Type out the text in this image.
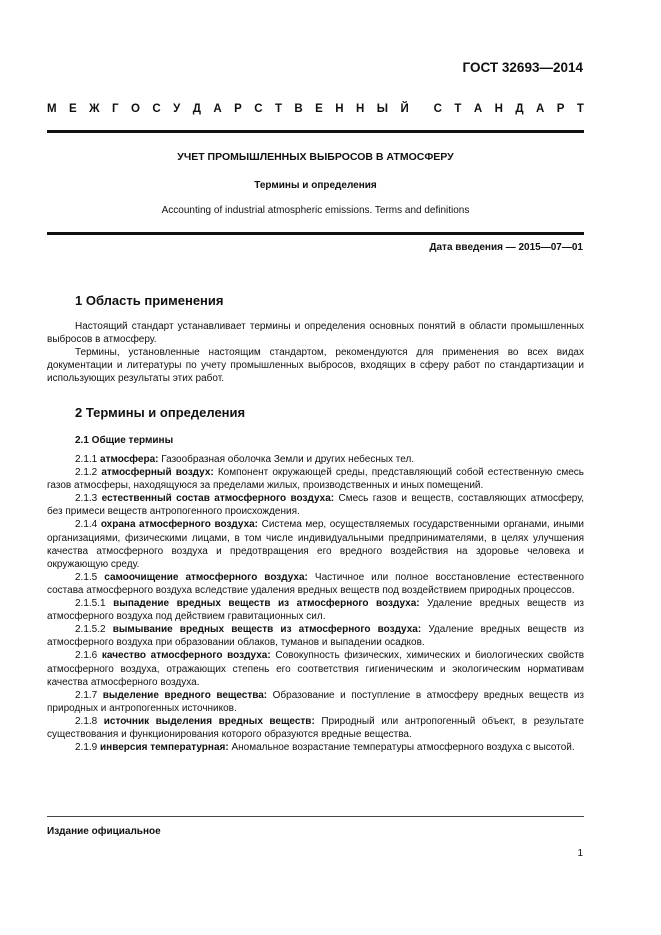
ГОСТ 32693—2014
М Е Ж Г О С У Д А Р С Т В Е Н Н Ы Й С Т А Н Д А Р Т
УЧЕТ ПРОМЫШЛЕННЫХ ВЫБРОСОВ В АТМОСФЕРУ
Термины и определения
Accounting of industrial atmospheric emissions. Terms and definitions
Дата введения — 2015—07—01
1 Область применения

Настоящий стандарт устанавливает термины и определения основных понятий в области промышленных выбросов в атмосферу.

Термины, установленные настоящим стандартом, рекомендуются для применения во всех видах документации и литературы по учету промышленных выбросов, входящих в сферу работ по стандартизации и использующих результаты этих работ.

2 Термины и определения
2.1 Общие термины

2.1.1 атмосфера: Газообразная оболочка Земли и других небесных тел.

2.1.2 атмосферный воздух: Компонент окружающей среды, представляющий собой естественную смесь газов атмосферы, находящуюся за пределами жилых, производственных и иных помещений.

2.1.3 естественный состав атмосферного воздуха: Смесь газов и веществ, составляющих атмосферу, без примеси веществ антропогенного происхождения.

2.1.4 охрана атмосферного воздуха: Система мер, осуществляемых государственными органами, иными организациями, физическими лицами, в том числе индивидуальными предпринимателями, в целях улучшения качества атмосферного воздуха и предотвращения его вредного воздействия на здоровье человека и окружающую среду.

2.1.5 самоочищение атмосферного воздуха: Частичное или полное восстановление естественного состава атмосферного воздуха вследствие удаления вредных веществ под воздействием природных процессов.

2.1.5.1 выпадение вредных веществ из атмосферного воздуха: Удаление вредных веществ из атмосферного воздуха под действием гравитационных сил.

2.1.5.2 вымывание вредных веществ из атмосферного воздуха: Удаление вредных веществ из атмосферного воздуха при образовании облаков, туманов и выпадении осадков.

2.1.6 качество атмосферного воздуха: Совокупность физических, химических и биологических свойств атмосферного воздуха, отражающих степень его соответствия гигиеническим и экологическим нормативам качества атмосферного воздуха.

2.1.7 выделение вредного вещества: Образование и поступление в атмосферу вредных веществ из природных и антропогенных источников.

2.1.8 источник выделения вредных веществ: Природный или антропогенный объект, в результате существования и функционирования которого образуются вредные вещества.

2.1.9 инверсия температурная: Аномальное возрастание температуры атмосферного воздуха с высотой.

Издание официальное
1
